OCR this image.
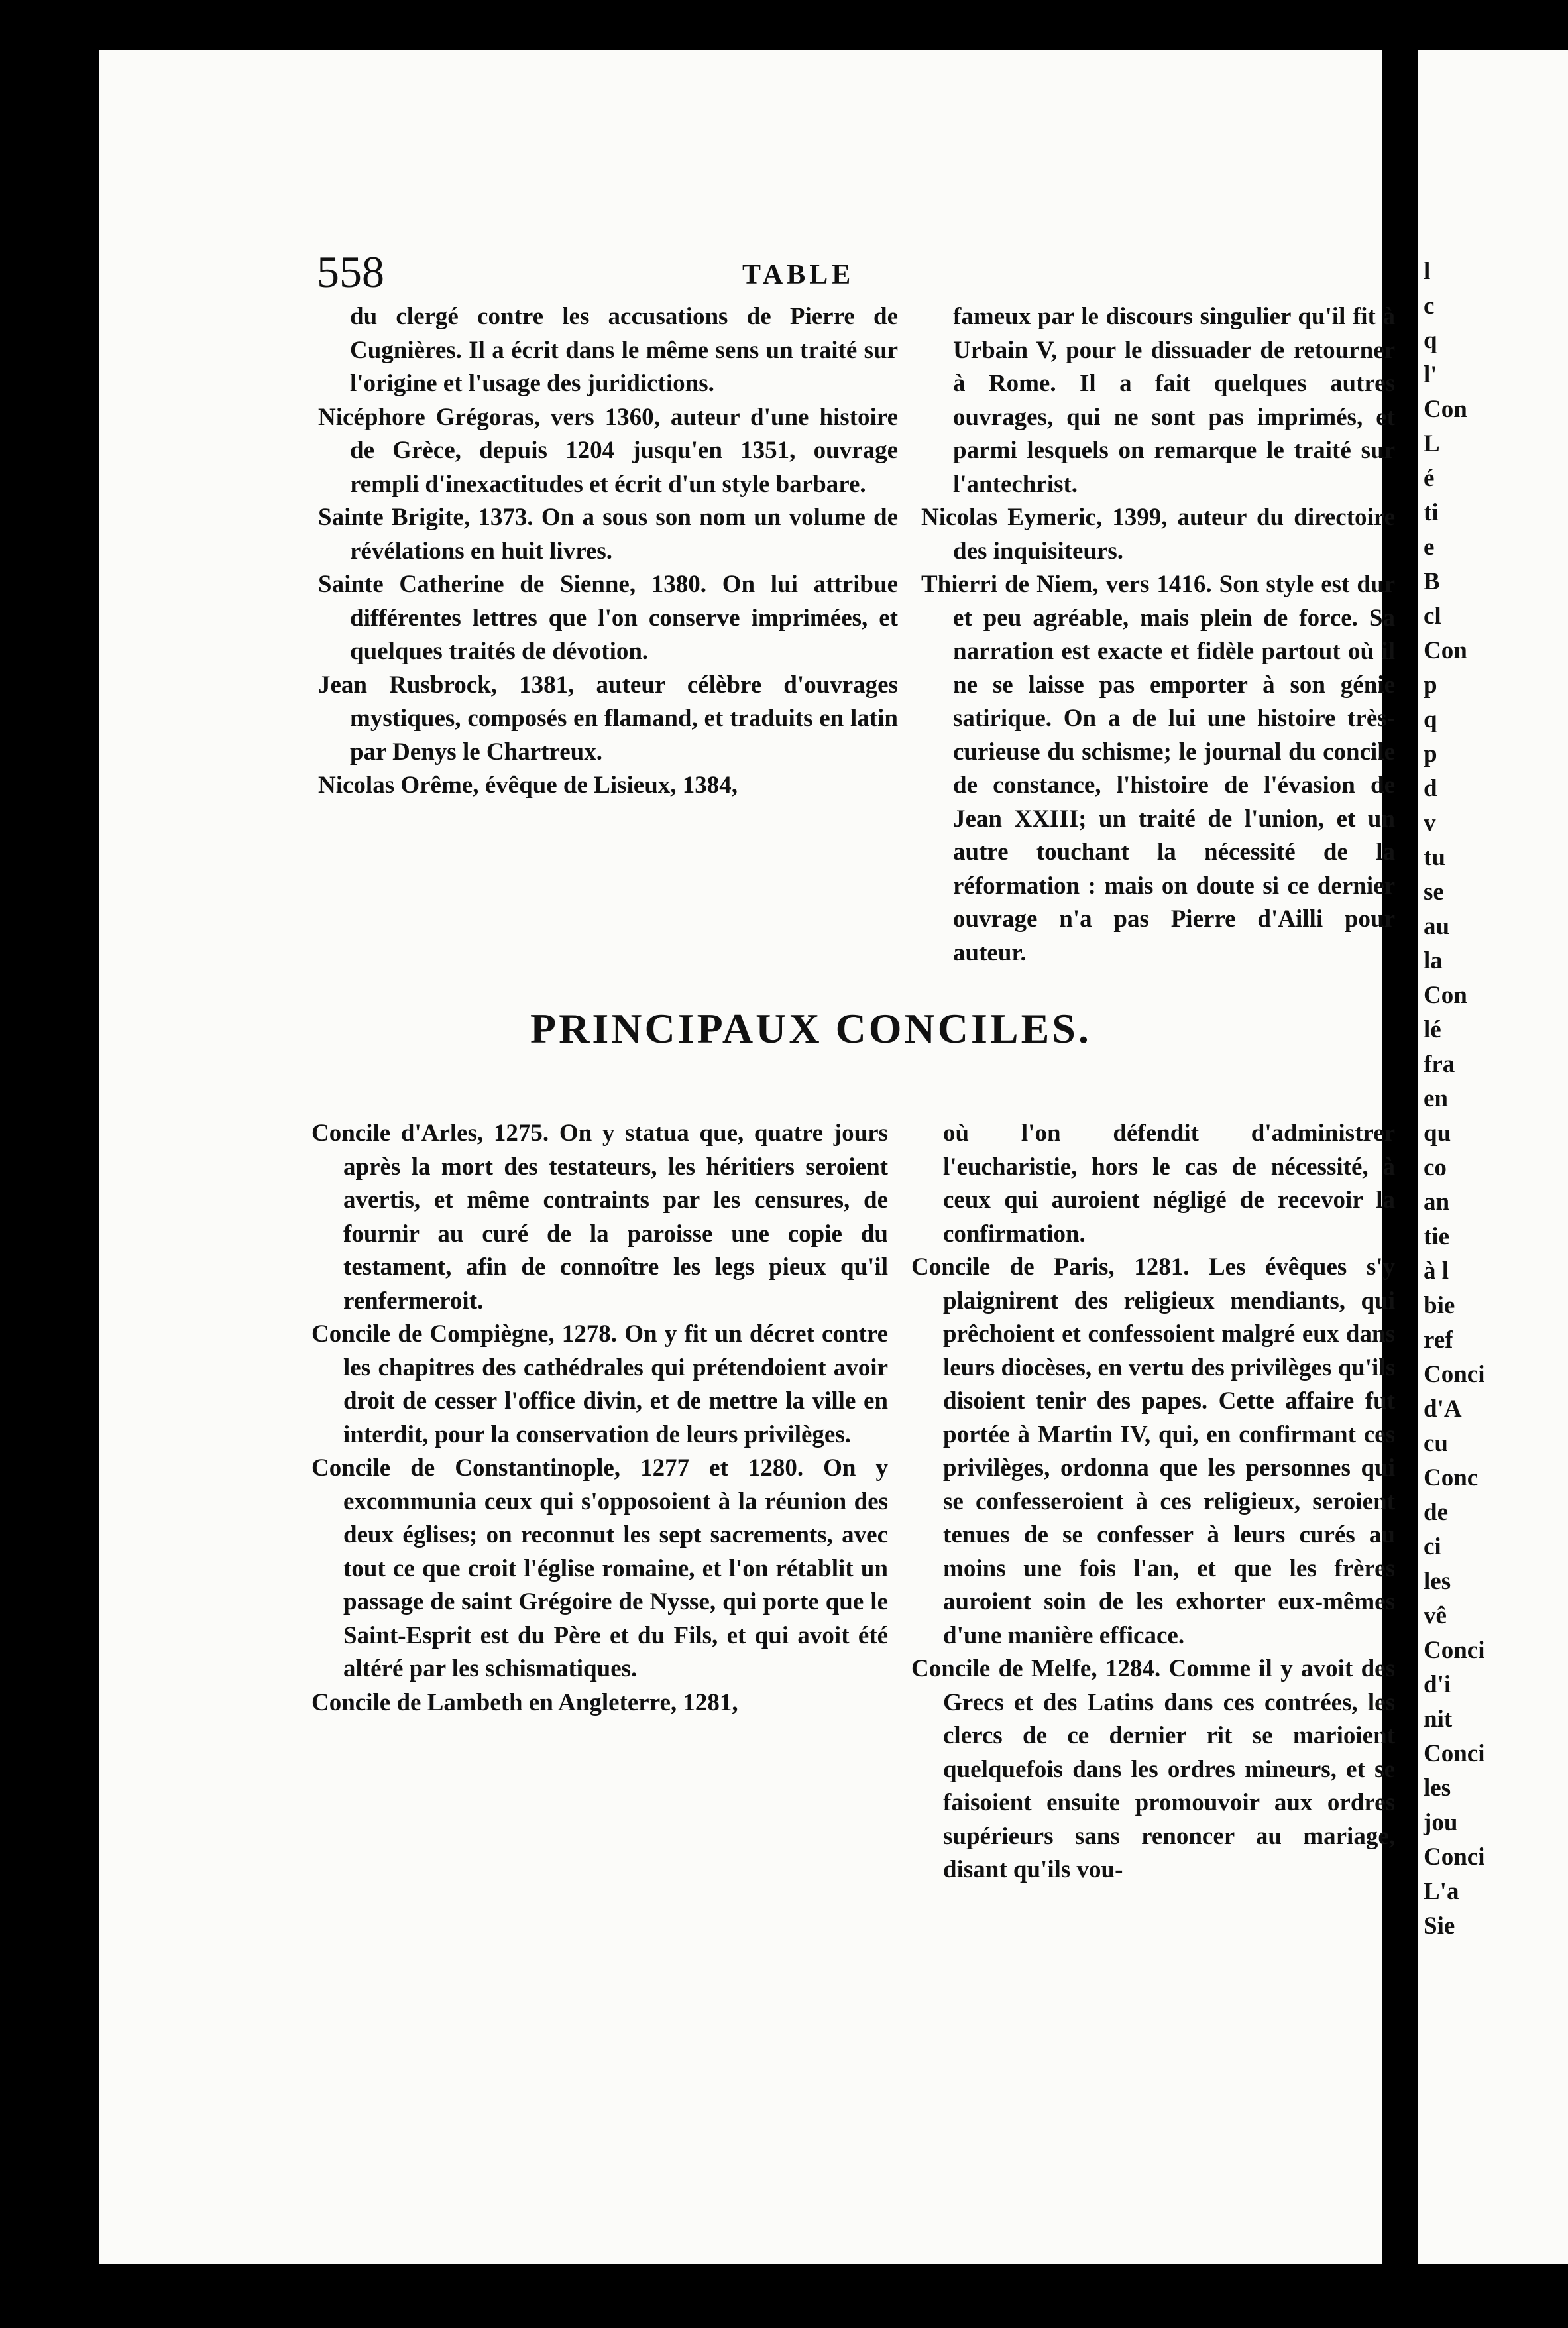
558	TABLE

du clergé contre les accusations de Pierre de Cugnières. Il a écrit dans le même sens un traité sur l'origine et l'usage des juridictions.

Nicéphore Grégoras, vers 1360, auteur d'une histoire de Grèce, depuis 1204 jusqu'en 1351, ouvrage rempli d'inexactitudes et écrit d'un style barbare.

Sainte Brigite, 1373. On a sous son nom un volume de révélations en huit livres.

Sainte Catherine de Sienne, 1380. On lui attribue différentes lettres que l'on conserve imprimées, et quelques traités de dévotion.

Jean Rusbrock, 1381, auteur célèbre d'ouvrages mystiques, composés en flamand, et traduits en latin par Denys le Chartreux.

Nicolas Orême, évêque de Lisieux, 1384,

fameux par le discours singulier qu'il fit à Urbain V, pour le dissuader de retourner à Rome. Il a fait quelques autres ouvrages, qui ne sont pas imprimés, et parmi lesquels on remarque le traité sur l'antechrist.

Nicolas Eymeric, 1399, auteur du directoire des inquisiteurs.

Thierri de Niem, vers 1416. Son style est dur et peu agréable, mais plein de force. Sa narration est exacte et fidèle partout où il ne se laisse pas emporter à son génie satirique. On a de lui une histoire très-curieuse du schisme; le journal du concile de constance, l'histoire de l'évasion de Jean XXIII; un traité de l'union, et un autre touchant la nécessité de la réformation : mais on doute si ce dernier ouvrage n'a pas Pierre d'Ailli pour auteur.

PRINCIPAUX CONCILES.

Concile d'Arles, 1275. On y statua que, quatre jours après la mort des testateurs, les héritiers seroient avertis, et même contraints par les censures, de fournir au curé de la paroisse une copie du testament, afin de connoître les legs pieux qu'il renfermeroit.

Concile de Compiègne, 1278. On y fit un décret contre les chapitres des cathédrales qui prétendoient avoir droit de cesser l'office divin, et de mettre la ville en interdit, pour la conservation de leurs privilèges.

Concile de Constantinople, 1277 et 1280. On y excommunia ceux qui s'opposoient à la réunion des deux églises; on reconnut les sept sacrements, avec tout ce que croit l'église romaine, et l'on rétablit un passage de saint Grégoire de Nysse, qui porte que le Saint-Esprit est du Père et du Fils, et qui avoit été altéré par les schismatiques.

Concile de Lambeth en Angleterre, 1281,

où l'on défendit d'administrer l'eucharistie, hors le cas de nécessité, à ceux qui auroient négligé de recevoir la confirmation.

Concile de Paris, 1281. Les évêques s'y plaignirent des religieux mendiants, qui prêchoient et confessoient malgré eux dans leurs diocèses, en vertu des privilèges qu'ils disoient tenir des papes. Cette affaire fut portée à Martin IV, qui, en confirmant ces privilèges, ordonna que les personnes qui se confesseroient à ces religieux, seroient tenues de se confesser à leurs curés au moins une fois l'an, et que les frères auroient soin de les exhorter eux-mêmes d'une manière efficace.

Concile de Melfe, 1284. Comme il y avoit des Grecs et des Latins dans ces contrées, les clercs de ce dernier rit se marioient quelquefois dans les ordres mineurs, et se faisoient ensuite promouvoir aux ordres supérieurs sans renoncer au mariage, disant qu'ils vou-

l
c
q
l'
Con
L
é
ti
e
B
cl
Con
p
q
p
d
v
tu
se
au
la
Con
lé
fra
en
qu
co
an
tie
à l
bie
ref
Conci
d'A
cu
Conc
de
ci
les
vê
Conci
d'i
nit
Conci
les
jou
Conci
L'a
Sie
